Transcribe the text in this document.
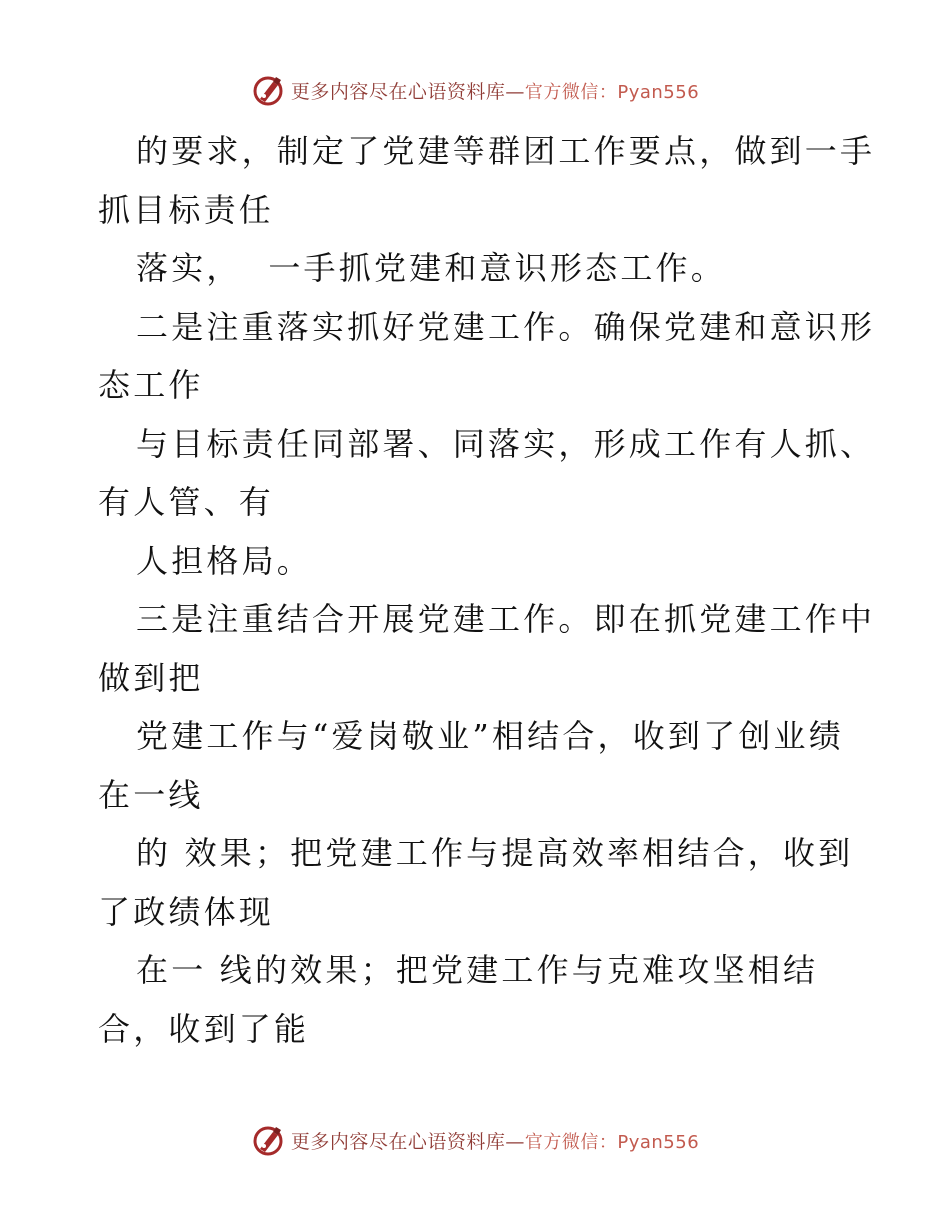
更多内容尽在心语资料库—官方微信：Pyan556
的要求，制定了党建等群团工作要点，做到一手
抓目标责任
落实，  一手抓党建和意识形态工作。
二是注重落实抓好党建工作。确保党建和意识形
态工作
与目标责任同部署、同落实，形成工作有人抓、
有人管、有
人担格局。
三是注重结合开展党建工作。即在抓党建工作中
做到把
党建工作与“爱岗敬业”相结合，收到了创业绩
在一线
的 效果；把党建工作与提高效率相结合，收到
了政绩体现
在一 线的效果；把党建工作与克难攻坚相结
合，收到了能
更多内容尽在心语资料库—官方微信：Pyan556
